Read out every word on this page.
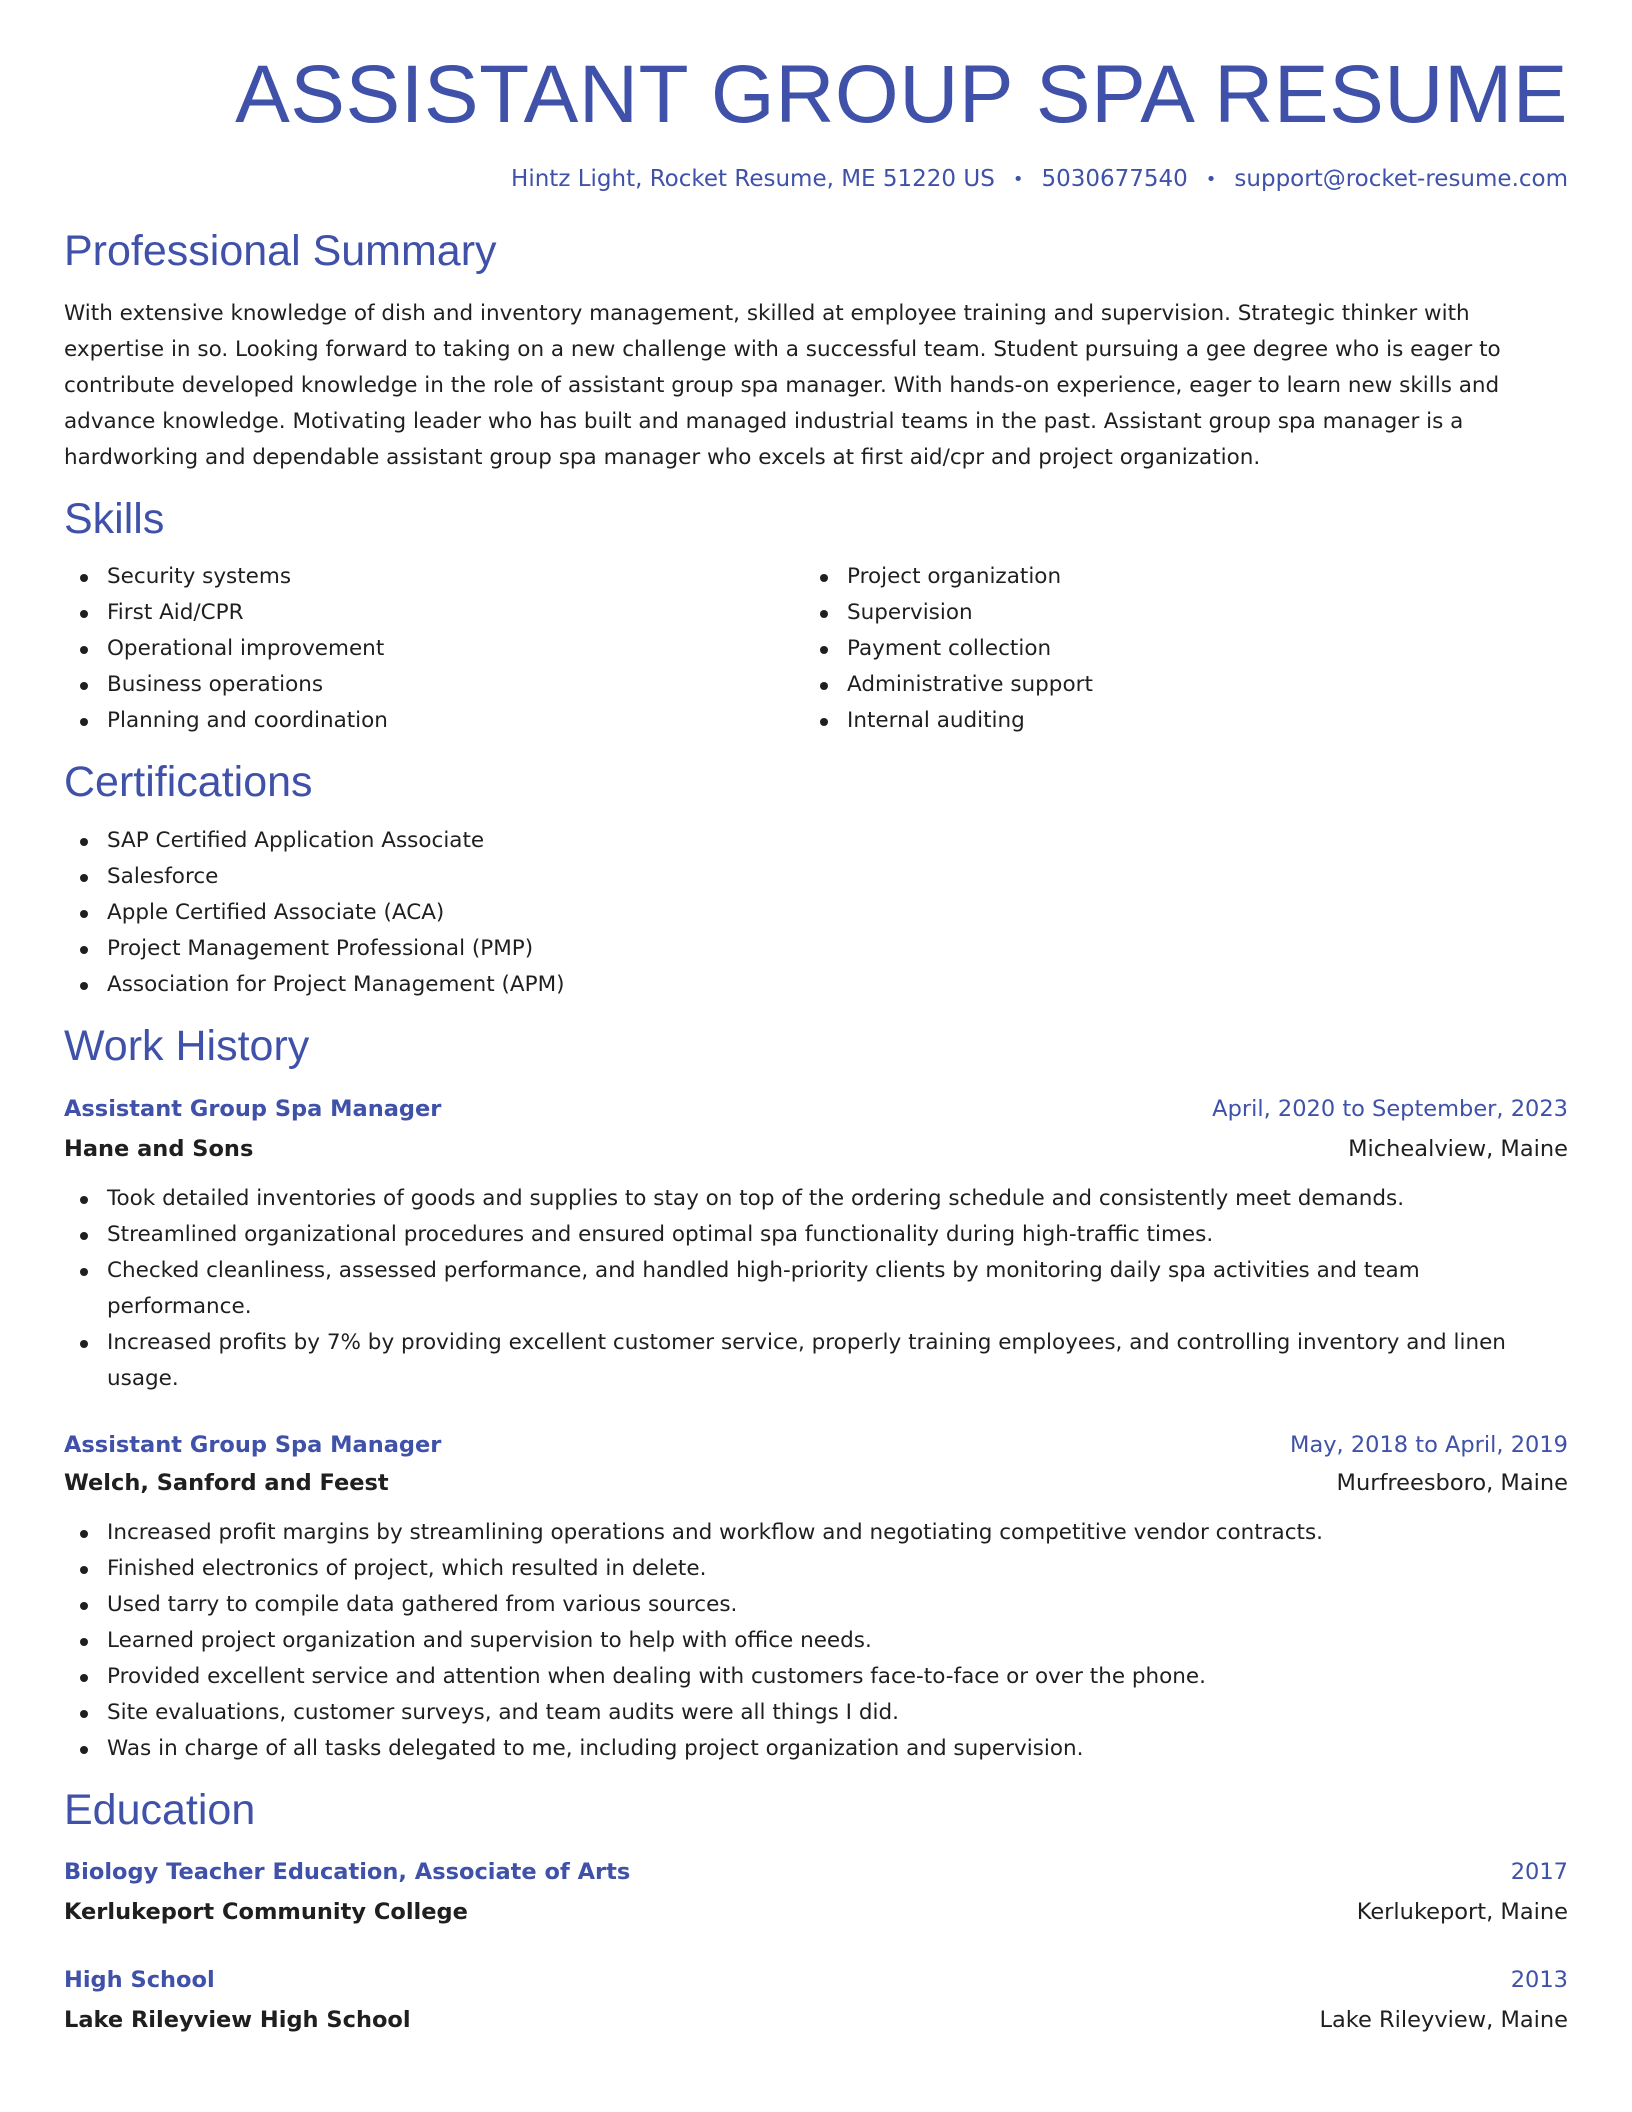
ASSISTANT GROUP SPA RESUME
Hintz Light, Rocket Resume, ME 51220 US • 5030677540 • support@rocket-resume.com
Professional Summary

With extensive knowledge of dish and inventory management, skilled at employee training and supervision. Strategic thinker with expertise in so. Looking forward to taking on a new challenge with a successful team. Student pursuing a gee degree who is eager to contribute developed knowledge in the role of assistant group spa manager. With hands-on experience, eager to learn new skills and advance knowledge. Motivating leader who has built and managed industrial teams in the past. Assistant group spa manager is a hardworking and dependable assistant group spa manager who excels at first aid/cpr and project organization.

Skills
Security systems
First Aid/CPR
Operational improvement
Business operations
Planning and coordination
Project organization
Supervision
Payment collection
Administrative support
Internal auditing
Certifications
SAP Certified Application Associate
Salesforce
Apple Certified Associate (ACA)
Project Management Professional (PMP)
Association for Project Management (APM)
Work History
Assistant Group Spa Manager	April, 2020 to September, 2023
Hane and Sons	Michealview, Maine
Took detailed inventories of goods and supplies to stay on top of the ordering schedule and consistently meet demands.
Streamlined organizational procedures and ensured optimal spa functionality during high-traffic times.
Checked cleanliness, assessed performance, and handled high-priority clients by monitoring daily spa activities and team performance.
Increased profits by 7% by providing excellent customer service, properly training employees, and controlling inventory and linen usage.
Assistant Group Spa Manager	May, 2018 to April, 2019
Welch, Sanford and Feest	Murfreesboro, Maine
Increased profit margins by streamlining operations and workflow and negotiating competitive vendor contracts.
Finished electronics of project, which resulted in delete.
Used tarry to compile data gathered from various sources.
Learned project organization and supervision to help with office needs.
Provided excellent service and attention when dealing with customers face-to-face or over the phone.
Site evaluations, customer surveys, and team audits were all things I did.
Was in charge of all tasks delegated to me, including project organization and supervision.
Education
Biology Teacher Education, Associate of Arts	2017
Kerlukeport Community College	Kerlukeport, Maine
High School	2013
Lake Rileyview High School	Lake Rileyview, Maine
